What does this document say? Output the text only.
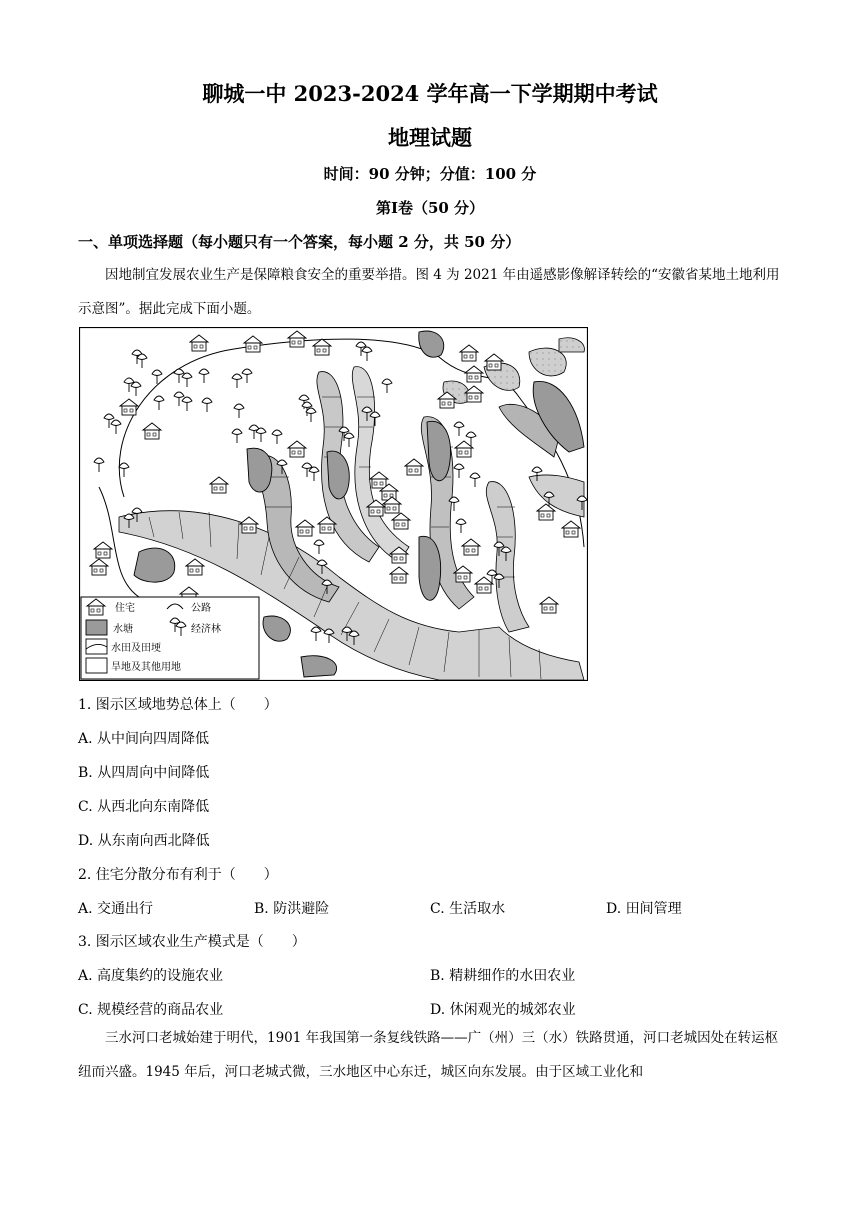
聊城一中 2023-2024 学年高一下学期期中考试
地理试题
时间：90 分钟；分值：100 分
第Ⅰ卷（50 分）
一、单项选择题（每小题只有一个答案，每小题 2 分，共 50 分）
因地制宜发展农业生产是保障粮食安全的重要举措。图 4 为 2021 年由遥感影像解译转绘的“安徽省某地土地利用示意图”。据此完成下面小题。
住宅	公路
水塘	经济林
水田及田埂
旱地及其他用地
1. 图示区域地势总体上（　　）
A. 从中间向四周降低
B. 从四周向中间降低
C. 从西北向东南降低
D. 从东南向西北降低
2. 住宅分散分布有利于（　　）
A. 交通出行	B. 防洪避险	C. 生活取水	D. 田间管理
3. 图示区域农业生产模式是（　　）
A. 高度集约的设施农业	B. 精耕细作的水田农业
C. 规模经营的商品农业	D. 休闲观光的城郊农业
三水河口老城始建于明代，1901 年我国第一条复线铁路——广（州）三（水）铁路贯通，河口老城因处在转运枢纽而兴盛。1945 年后，河口老城式微，三水地区中心东迁，城区向东发展。由于区域工业化和
